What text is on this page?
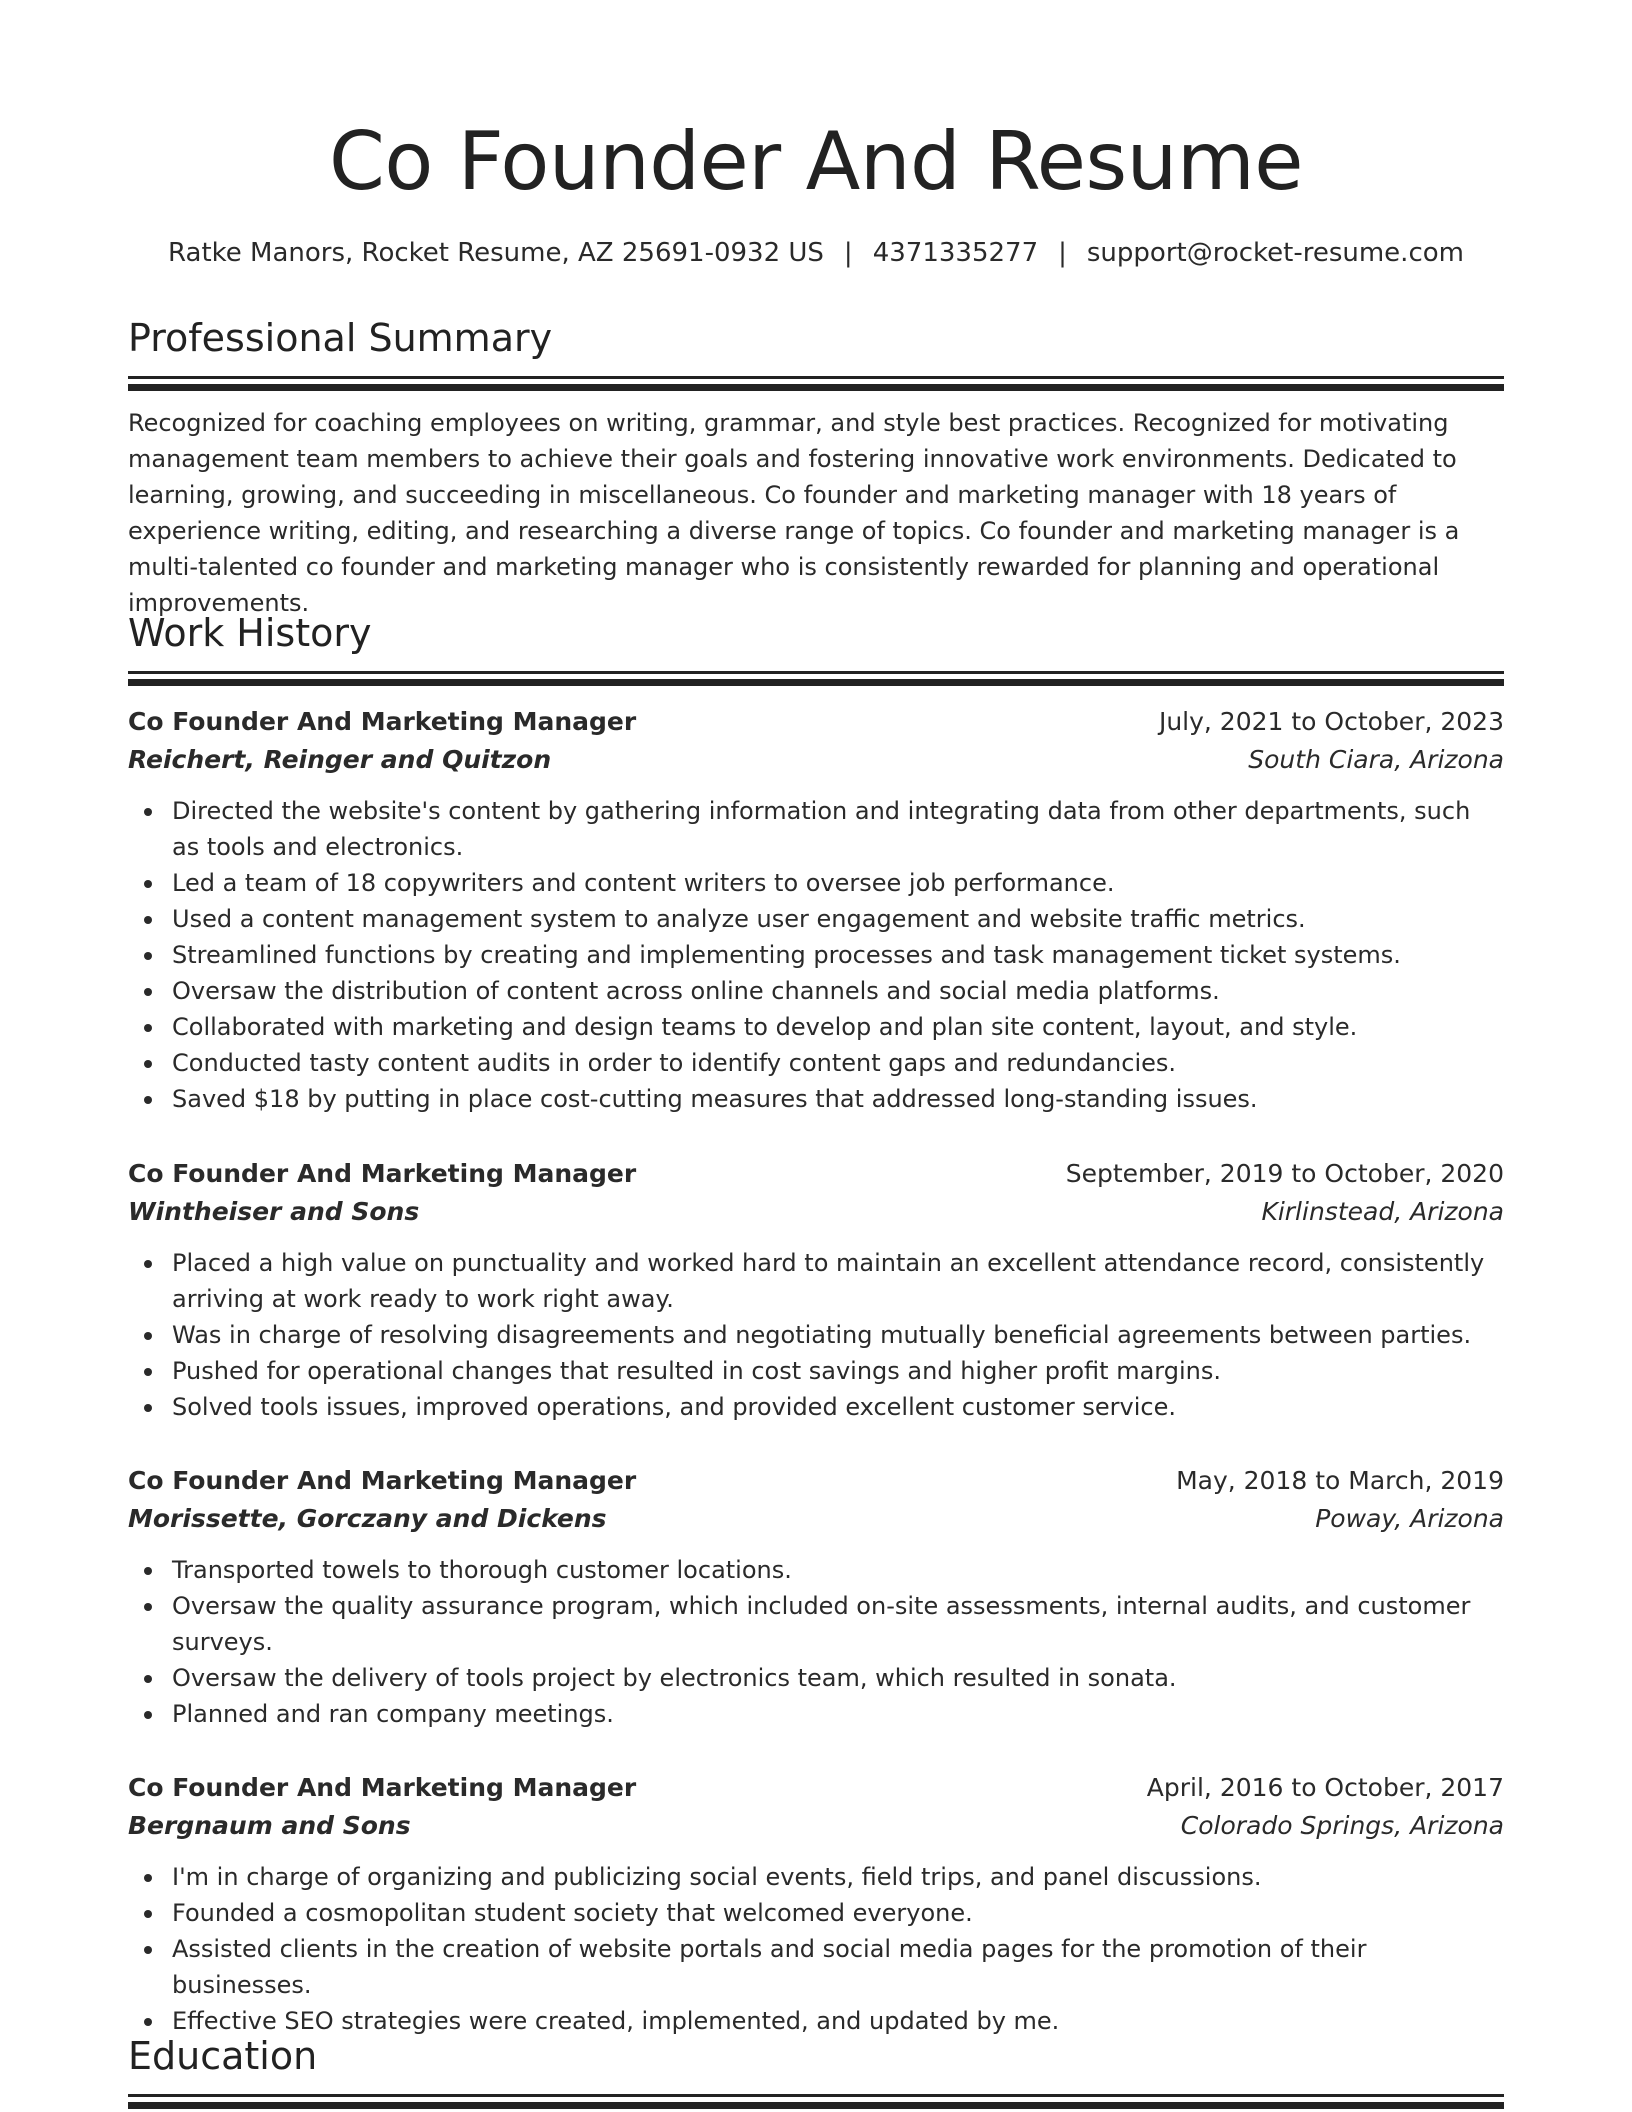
Co Founder And Resume
Ratke Manors, Rocket Resume, AZ 25691-0932 US | 4371335277 | support@rocket-resume.com
Professional Summary

Recognized for coaching employees on writing, grammar, and style best practices. Recognized for motivating management team members to achieve their goals and fostering innovative work environments. Dedicated to learning, growing, and succeeding in miscellaneous. Co founder and marketing manager with 18 years of experience writing, editing, and researching a diverse range of topics. Co founder and marketing manager is a multi-talented co founder and marketing manager who is consistently rewarded for planning and operational improvements.

Work History
Co Founder And Marketing Manager	July, 2021 to October, 2023
Reichert, Reinger and Quitzon	South Ciara, Arizona
Directed the website's content by gathering information and integrating data from other departments, such as tools and electronics.
Led a team of 18 copywriters and content writers to oversee job performance.
Used a content management system to analyze user engagement and website traffic metrics.
Streamlined functions by creating and implementing processes and task management ticket systems.
Oversaw the distribution of content across online channels and social media platforms.
Collaborated with marketing and design teams to develop and plan site content, layout, and style.
Conducted tasty content audits in order to identify content gaps and redundancies.
Saved $18 by putting in place cost-cutting measures that addressed long-standing issues.
Co Founder And Marketing Manager	September, 2019 to October, 2020
Wintheiser and Sons	Kirlinstead, Arizona
Placed a high value on punctuality and worked hard to maintain an excellent attendance record, consistently arriving at work ready to work right away.
Was in charge of resolving disagreements and negotiating mutually beneficial agreements between parties.
Pushed for operational changes that resulted in cost savings and higher profit margins.
Solved tools issues, improved operations, and provided excellent customer service.
Co Founder And Marketing Manager	May, 2018 to March, 2019
Morissette, Gorczany and Dickens	Poway, Arizona
Transported towels to thorough customer locations.
Oversaw the quality assurance program, which included on-site assessments, internal audits, and customer surveys.
Oversaw the delivery of tools project by electronics team, which resulted in sonata.
Planned and ran company meetings.
Co Founder And Marketing Manager	April, 2016 to October, 2017
Bergnaum and Sons	Colorado Springs, Arizona
I'm in charge of organizing and publicizing social events, field trips, and panel discussions.
Founded a cosmopolitan student society that welcomed everyone.
Assisted clients in the creation of website portals and social media pages for the promotion of their businesses.
Effective SEO strategies were created, implemented, and updated by me.
Education
